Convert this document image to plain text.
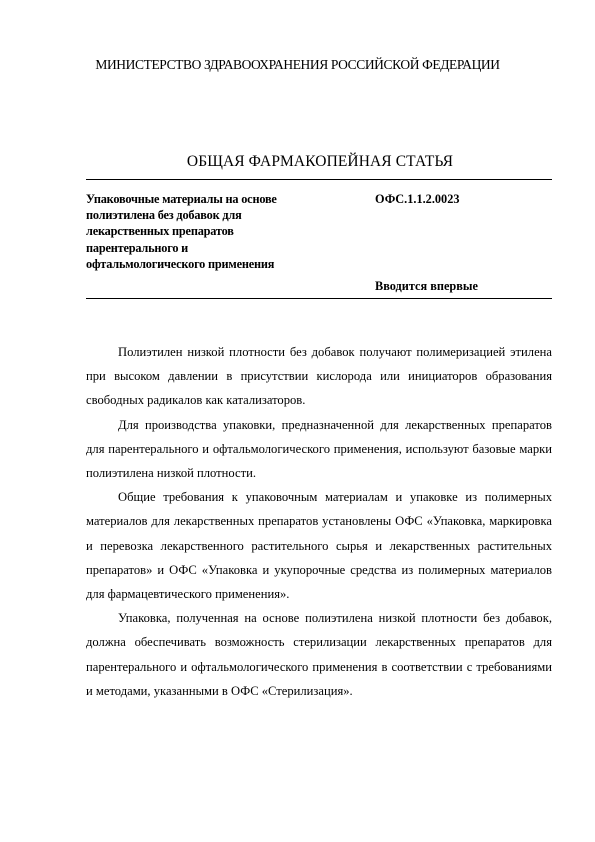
МИНИСТЕРСТВО ЗДРАВООХРАНЕНИЯ РОССИЙСКОЙ ФЕДЕРАЦИИ
ОБЩАЯ ФАРМАКОПЕЙНАЯ СТАТЬЯ
Упаковочные материалы на основе
полиэтилена без добавок для
лекарственных препаратов
парентерального и
офтальмологического применения
ОФС.1.1.2.0023
Вводится впервые

Полиэтилен низкой плотности без добавок получают полимеризацией этилена при высоком давлении в присутствии кислорода или инициаторов образования свободных радикалов как катализаторов.

Для производства упаковки, предназначенной для лекарственных препаратов для парентерального и офтальмологического применения, используют базовые марки полиэтилена низкой плотности.

Общие требования к упаковочным материалам и упаковке из полимерных материалов для лекарственных препаратов установлены ОФС «Упаковка, маркировка и перевозка лекарственного растительного сырья и лекарственных растительных препаратов» и ОФС «Упаковка и укупорочные средства из полимерных материалов для фармацевтического применения».

Упаковка, полученная на основе полиэтилена низкой плотности без добавок, должна обеспечивать возможность стерилизации лекарственных препаратов для парентерального и офтальмологического применения в соответствии с требованиями и методами, указанными в ОФС «Стерилизация».
